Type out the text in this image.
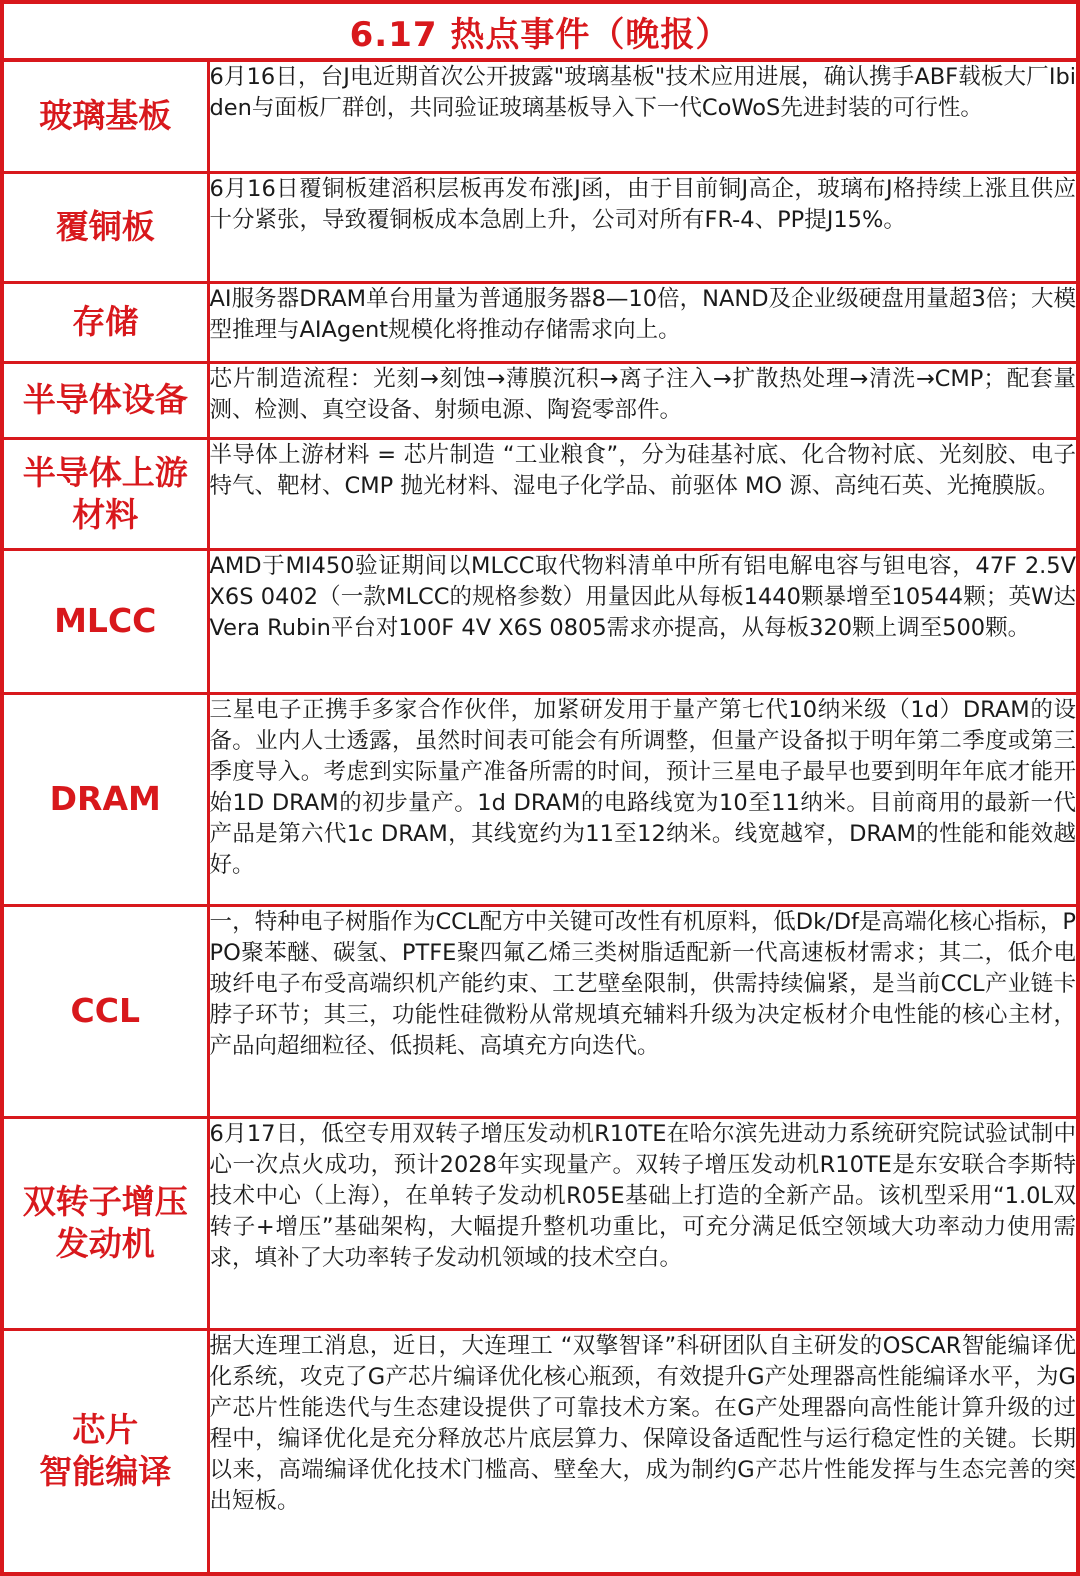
6.17 热点事件（晚报）
玻璃基板	6月16日，台J电近期首次公开披露"玻璃基板"技术应用进展，确认携手ABF载板大厂Ibiden与面板厂群创，共同验证玻璃基板导入下一代CoWoS先进封装的可行性。
覆铜板	6月16日覆铜板建滔积层板再发布涨J函，由于目前铜J高企，玻璃布J格持续上涨且供应十分紧张，导致覆铜板成本急剧上升，公司对所有FR-4、PP提J15%。
存储	AI服务器DRAM单台用量为普通服务器8—10倍，NAND及企业级硬盘用量超3倍；大模型推理与AIAgent规模化将推动存储需求向上。
半导体设备	芯片制造流程：光刻→刻蚀→薄膜沉积→离子注入→扩散热处理→清洗→CMP；配套量测、检测、真空设备、射频电源、陶瓷零部件。
半导体上游
材料	半导体上游材料 = 芯片制造 “工业粮食”，分为硅基衬底、化合物衬底、光刻胶、电子特气、靶材、CMP 抛光材料、湿电子化学品、前驱体 MO 源、高纯石英、光掩膜版。
MLCC	AMD于MI450验证期间以MLCC取代物料清单中所有铝电解电容与钽电容，47F 2.5V X6S 0402（一款MLCC的规格参数）用量因此从每板1440颗暴增至10544颗；英W达Vera Rubin平台对100F 4V X6S 0805需求亦提高，从每板320颗上调至500颗。
DRAM	三星电子正携手多家合作伙伴，加紧研发用于量产第七代10纳米级（1d）DRAM的设备。业内人士透露，虽然时间表可能会有所调整，但量产设备拟于明年第二季度或第三季度导入。考虑到实际量产准备所需的时间，预计三星电子最早也要到明年年底才能开始1D DRAM的初步量产。1d DRAM的电路线宽为10至11纳米。目前商用的最新一代产品是第六代1c DRAM，其线宽约为11至12纳米。线宽越窄，DRAM的性能和能效越好。
CCL	一，特种电子树脂作为CCL配方中关键可改性有机原料，低Dk/Df是高端化核心指标，PPO聚苯醚、碳氢、PTFE聚四氟乙烯三类树脂适配新一代高速板材需求；其二，低介电玻纤电子布受高端织机产能约束、工艺壁垒限制，供需持续偏紧，是当前CCL产业链卡脖子环节；其三，功能性硅微粉从常规填充辅料升级为决定板材介电性能的核心主材，产品向超细粒径、低损耗、高填充方向迭代。
双转子增压
发动机	6月17日，低空专用双转子增压发动机R10TE在哈尔滨先进动力系统研究院试验试制中心一次点火成功，预计2028年实现量产。双转子增压发动机R10TE是东安联合李斯特技术中心（上海），在单转子发动机R05E基础上打造的全新产品。该机型采用“1.0L双转子+增压”基础架构，大幅提升整机功重比，可充分满足低空领域大功率动力使用需求，填补了大功率转子发动机领域的技术空白。
芯片
智能编译	据大连理工消息，近日，大连理工 “双擎智译”科研团队自主研发的OSCAR智能编译优化系统，攻克了G产芯片编译优化核心瓶颈，有效提升G产处理器高性能编译水平，为G产芯片性能迭代与生态建设提供了可靠技术方案。在G产处理器向高性能计算升级的过程中，编译优化是充分释放芯片底层算力、保障设备适配性与运行稳定性的关键。长期以来，高端编译优化技术门槛高、壁垒大，成为制约G产芯片性能发挥与生态完善的突出短板。
